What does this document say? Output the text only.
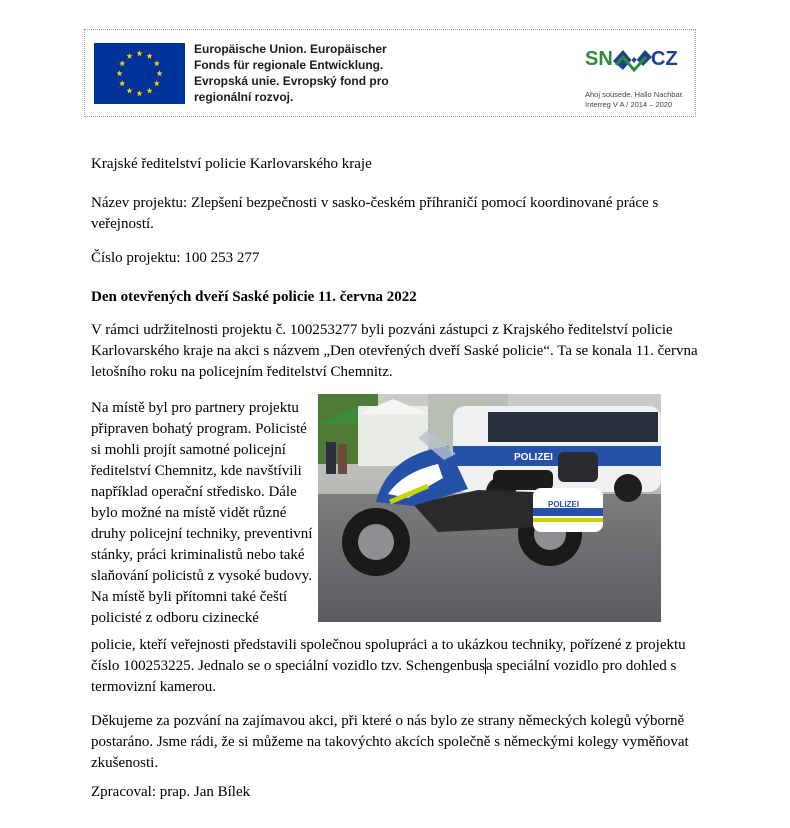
Europäische Union. Europäischer
Fonds für regionale Entwicklung.
Evropská unie. Evropský fond pro
regionální rozvoj.
SN CZ
Ahoj sousede. Hallo Nachbar.
Interreg V A / 2014 – 2020

Krajské ředitelství policie Karlovarského kraje

Název projektu: Zlepšení bezpečnosti v sasko-českém příhraničí pomocí koordinované práce s veřejností.

Číslo projektu: 100 253 277

Den otevřených dveří Saské policie 11. června 2022

V rámci udržitelnosti projektu č. 100253277 byli pozváni zástupci z Krajského ředitelství policie Karlovarského kraje na akci s názvem „Den otevřených dveří Saské policie“. Ta se konala 11. června letošního roku na policejním ředitelství Chemnitz.

Na místě byl pro partnery projektu připraven bohatý program. Policisté si mohli projít samotné policejní ředitelství Chemnitz, kde navštívili například operační středisko. Dále bylo možné na místě vidět různé druhy policejní techniky, preventivní stánky, práci kriminalistů nebo také slaňování policistů z vysoké budovy. Na místě byli přítomni také čeští policisté z odboru cizinecké

POLIZEI
POLIZEI

policie, kteří veřejnosti představili společnou spolupráci a to ukázkou techniky, pořízené z projektu číslo 100253225. Jednalo se o speciální vozidlo tzv. Schengenbusa speciální vozidlo pro dohled s termovizní kamerou.

Děkujeme za pozvání na zajímavou akci, při které o nás bylo ze strany německých kolegů výborně postaráno. Jsme rádi, že si můžeme na takovýchto akcích společně s německými kolegy vyměňovat zkušenosti.

Zpracoval: prap. Jan Bílek
